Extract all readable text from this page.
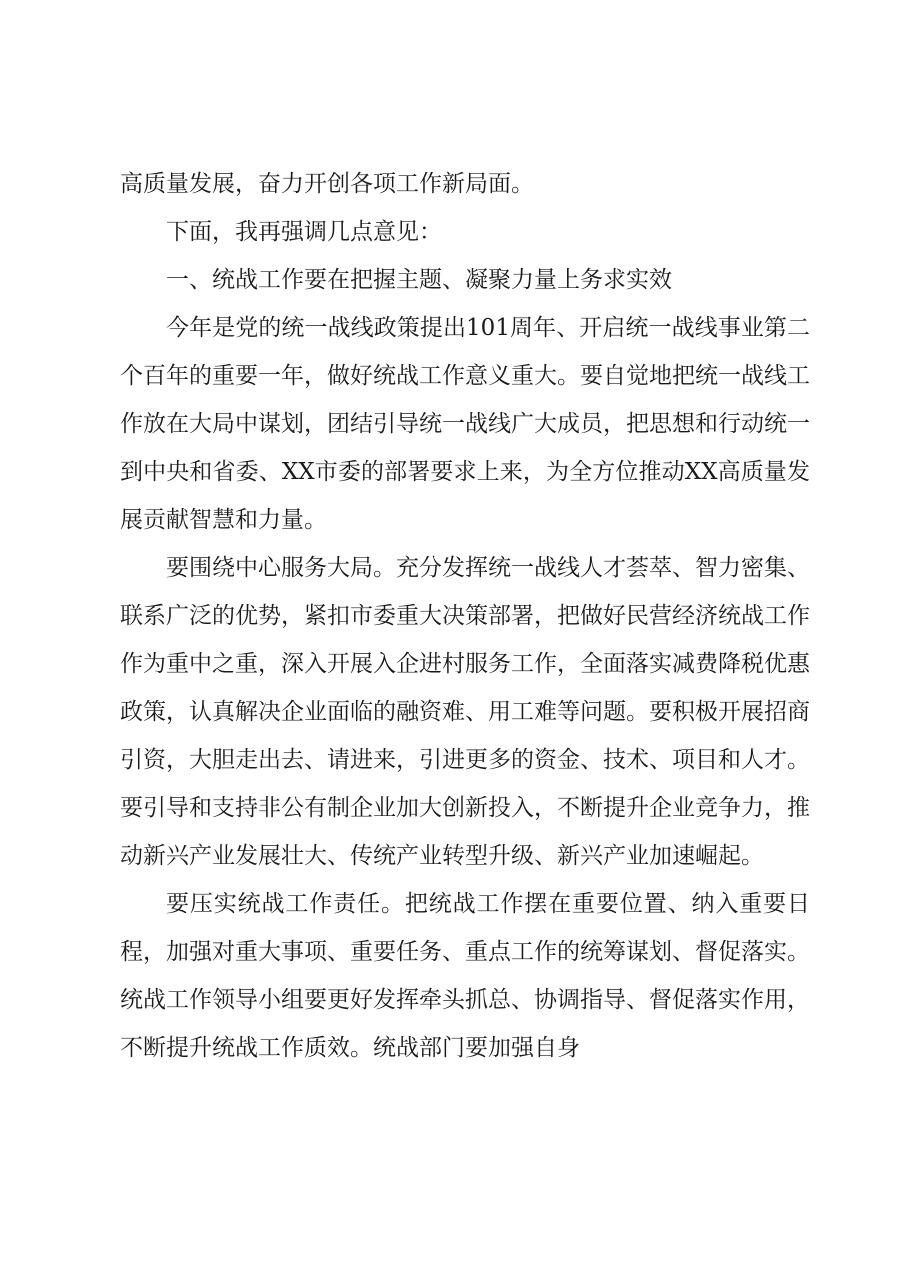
高质量发展，奋力开创各项工作新局面。

下面，我再强调几点意见：

一、统战工作要在把握主题、凝聚力量上务求实效

今年是党的统一战线政策提出101周年、开启统一战线事业第二个百年的重要一年，做好统战工作意义重大。要自觉地把统一战线工作放在大局中谋划，团结引导统一战线广大成员，把思想和行动统一到中央和省委、XX市委的部署要求上来，为全方位推动XX高质量发展贡献智慧和力量。

要围绕中心服务大局。充分发挥统一战线人才荟萃、智力密集、联系广泛的优势，紧扣市委重大决策部署，把做好民营经济统战工作作为重中之重，深入开展入企进村服务工作，全面落实减费降税优惠政策，认真解决企业面临的融资难、用工难等问题。要积极开展招商引资，大胆走出去、请进来，引进更多的资金、技术、项目和人才。要引导和支持非公有制企业加大创新投入，不断提升企业竞争力，推动新兴产业发展壮大、传统产业转型升级、新兴产业加速崛起。

要压实统战工作责任。把统战工作摆在重要位置、纳入重要日程，加强对重大事项、重要任务、重点工作的统筹谋划、督促落实。统战工作领导小组要更好发挥牵头抓总、协调指导、督促落实作用，不断提升统战工作质效。统战部门要加强自身
